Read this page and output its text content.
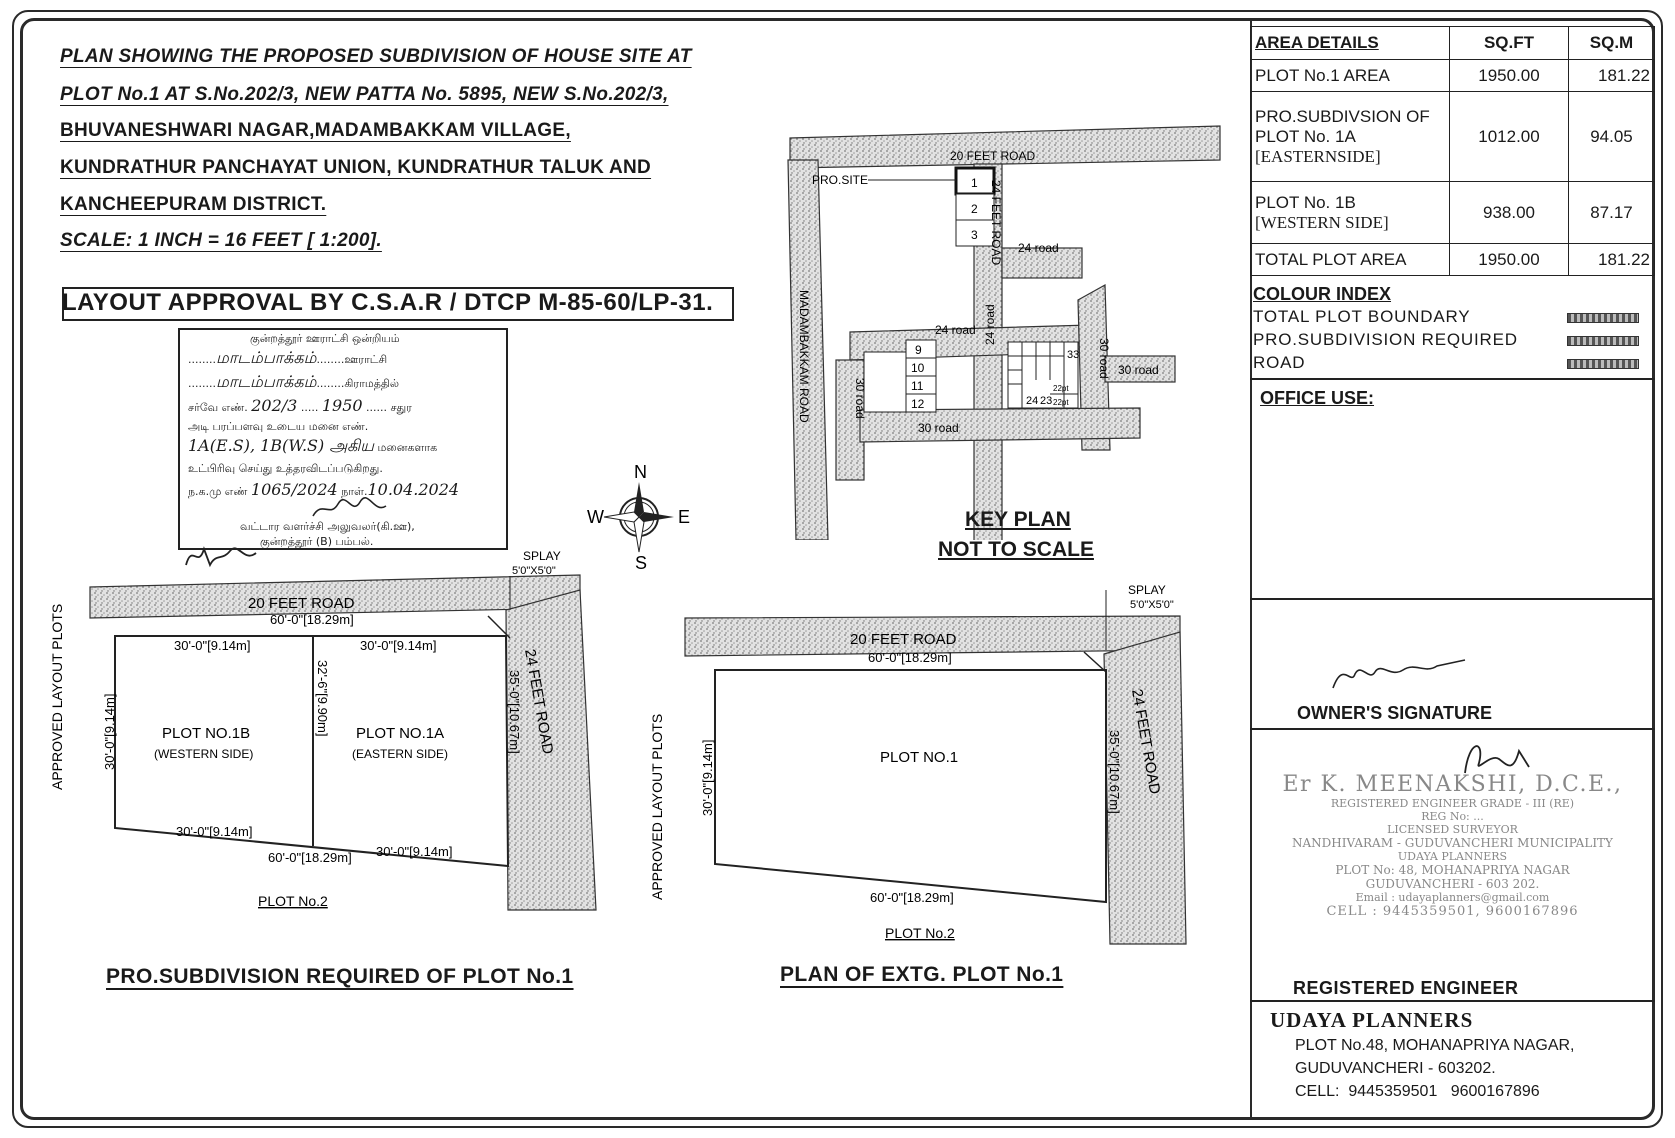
PLAN SHOWING THE PROPOSED SUBDIVISION OF HOUSE SITE AT
PLOT No.1 AT S.No.202/3, NEW PATTA No. 5895, NEW S.No.202/3,
BHUVANESHWARI NAGAR,MADAMBAKKAM VILLAGE,
KUNDRATHUR PANCHAYAT UNION, KUNDRATHUR TALUK AND
KANCHEEPURAM DISTRICT.
SCALE: 1 INCH = 16 FEET [ 1:200].
LAYOUT APPROVAL BY C.S.A.R / DTCP M-85-60/LP-31.
குன்றத்தூர் ஊராட்சி ஒன்றியம்
........மாடம்பாக்கம்........ஊராட்சி
........மாடம்பாக்கம்........கிராமத்தில்
சர்வே எண். 202/3 ..... 1950 ...... சதுர
அடி பரப்பளவு உடைய மனை எண்.
1A(E.S), 1B(W.S) அகிய மனைகளாக
உட்பிரிவு செய்து உத்தரவிடப்படுகிறது.
ந.க.மு எண் 1065/2024 நாள்.10.04.2024
வட்டார வளர்ச்சி அலுவலர்(கி.ஊ),
குன்றத்தூர் (B) பம்பல்.
N
S
E
W
1
2
3
PRO.SITE
9
10
11
12
33
24 23
22pt
22pt
20 FEET ROAD
24 road
24 road
24 FEET ROAD
24 road
30 road
30 road
30 road 30 road
MADAMBAKKAM ROAD
KEY PLAN
NOT TO SCALE
SPLAY
5'0"X5'0"
20 FEET ROAD
60'-0"[18.29m]
30'-0"[9.14m]	30'-0"[9.14m]
30'-0"[9.14m]	32'-6"[9.90m]	35'-0"[10.67m] 24 FEET ROAD
APPROVED LAYOUT PLOTS	PLOT NO.1B
(WESTERN SIDE)
PLOT NO.1A
(EASTERN SIDE)
30'-0"[9.14m]
30'-0"[9.14m]
60'-0"[18.29m]
PLOT No.2
PRO.SUBDIVISION REQUIRED OF PLOT No.1
SPLAY
5'0"X5'0"
20 FEET ROAD
60'-0"[18.29m]
30'-0"[9.14m]	35'-0"[10.67m] 24 FEET ROAD
APPROVED LAYOUT PLOTS	PLOT NO.1
60'-0"[18.29m]
PLOT No.2
PLAN OF EXTG. PLOT No.1
AREA DETAILS	SQ.FT	SQ.M
PLOT No.1 AREA	1950.00	181.22

PRO.SUBDIVSION OF
PLOT No. 1A
[EASTERNSIDE]	1012.00	94.05

PLOT No. 1B
[WESTERN SIDE]	938.00	87.17
TOTAL PLOT AREA	1950.00	181.22
COLOUR INDEX
TOTAL PLOT BOUNDARY
PRO.SUBDIVISION REQUIRED
ROAD
OFFICE USE:
OWNER'S SIGNATURE
Er K. MEENAKSHI, D.C.E.,
REGISTERED ENGINEER GRADE - III (RE)
REG No: ...
LICENSED SURVEYOR
NANDHIVARAM - GUDUVANCHERI MUNICIPALITY
UDAYA PLANNERS
PLOT No: 48, MOHANAPRIYA NAGAR
GUDUVANCHERI - 603 202.
Email : udayaplanners@gmail.com
CELL : 9445359501, 9600167896
REGISTERED ENGINEER
UDAYA PLANNERS
PLOT No.48, MOHANAPRIYA NAGAR,
GUDUVANCHERI - 603202.
CELL: 9445359501 9600167896
